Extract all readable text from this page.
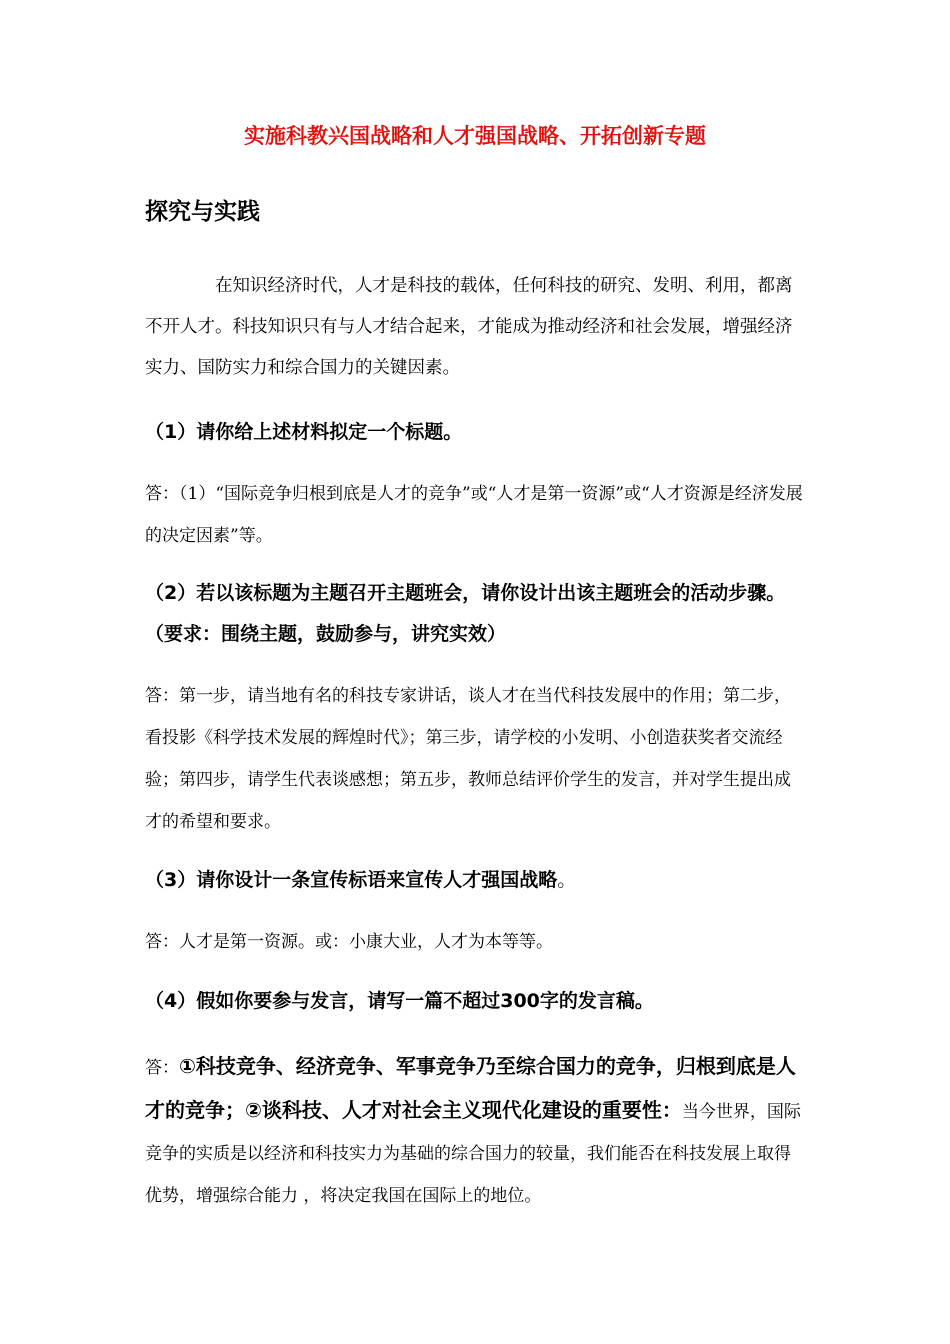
实施科教兴国战略和人才强国战略、开拓创新专题
探究与实践

　　　　在知识经济时代，人才是科技的载体，任何科技的研究、发明、利用，都离不开人才。科技知识只有与人才结合起来，才能成为推动经济和社会发展，增强经济实力、国防实力和综合国力的关键因素。

（1）请你给上述材料拟定一个标题。
答：（1）“国际竞争归根到底是人才的竞争”或“人才是第一资源”或“人才资源是经济发展的决定因素”等。
（2）若以该标题为主题召开主题班会，请你设计出该主题班会的活动步骤。（要求：围绕主题，鼓励参与，讲究实效）
答：第一步，请当地有名的科技专家讲话，谈人才在当代科技发展中的作用；第二步，看投影《科学技术发展的辉煌时代》；第三步，请学校的小发明、小创造获奖者交流经验；第四步，请学生代表谈感想；第五步，教师总结评价学生的发言，并对学生提出成才的希望和要求。
（3）请你设计一条宣传标语来宣传人才强国战略。
答：人才是第一资源。或：小康大业，人才为本等等。
（4）假如你要参与发言，请写一篇不超过300字的发言稿。
答：①科技竞争、经济竞争、军事竞争乃至综合国力的竞争，归根到底是人才的竞争；②谈科技、人才对社会主义现代化建设的重要性：当今世界，国际竞争的实质是以经济和科技实力为基础的综合国力的较量，我们能否在科技发展上取得优势，增强综合能力 ，将决定我国在国际上的地位。
